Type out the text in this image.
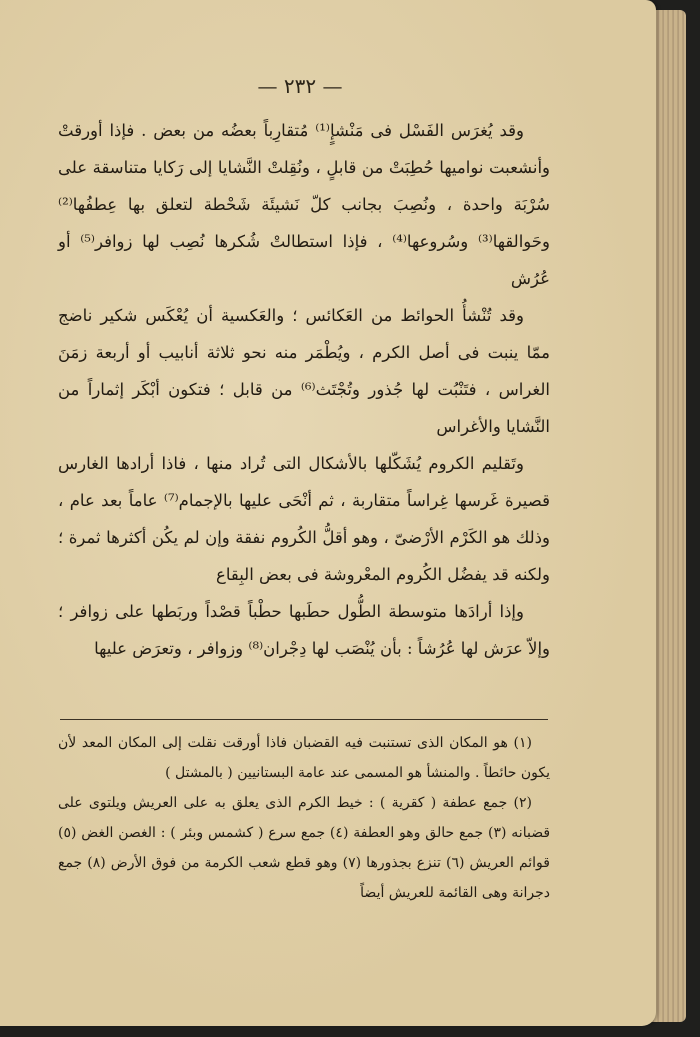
— ٢٣٢ —

وقد يُغرَس الفَسْل فى مَنْشإٍ⁽¹⁾ مُتقارِباً بعضُه من بعض . فإذا أورقتْ وأنشعبت نواميها حُطِبَتْ من قابلٍ ، ونُقِلتْ النَّشايا إلى رَكايا متناسقة على سُرْبَة واحدة ، ونُصِبَ بجانب كلّ نَشيئَة شَحْطة لتعلق بها عِطفُها⁽²⁾ وحَوالقها⁽³⁾ وسُروعها⁽⁴⁾ ، فإذا استطالتْ شُكرها نُصِب لها زوافر⁽⁵⁾ أو عُرُش

وقد تُنْشأُ الحوائط من العَكائس ؛ والعَكسية أن يُعْكَس شكير ناضج ممّا ينبت فى أصل الكرم ، ويُطْمَر منه نحو ثلاثة أنابيب أو أربعة زمَنَ الغراس ، فتَنْبُت لها جُذور وتُجْتَث⁽⁶⁾ من قابل ؛ فتكون أبْكَر إثماراً من النَّشايا والأغراس

وتَقليم الكروم يُشَكّلها بالأشكال التى تُراد منها ، فاذا أرادها الغارس قصيرة غَرسها غِراساً متقاربة ، ثم أنْحَى عليها بالإجمام⁽⁷⁾ عاماً بعد عام ، وذلك هو الكَرْم الأرْضىّ ، وهو أقلُّ الكُروم نفقة وإن لم يكُن أكثرها ثمرة ؛ ولكنه قد يفضُل الكُروم المعْروشة فى بعض البِقاع

وإذا أرادَها متوسطة الطُّول حطَبها حطْباً قصْداً وربَطها على زوافر ؛ وإلاّ عرَش لها عُرُشاً : بأن يُنْصَب لها دِجْران⁽⁸⁾ وزوافر ، وتعرَض عليها

(١) هو المكان الذى تستنبت فيه القضبان فاذا أورقت نقلت إلى المكان المعد لأن يكون حائطاً . والمنشأ هو المسمى عند عامة البستانيين ( بالمشتل )

(٢) جمع عطفة ( كقرية ) : خيط الكرم الذى يعلق به على العريش ويلتوى على قضبانه (٣) جمع حالق وهو العطفة (٤) جمع سرع ( كشمس وبئر ) : الغصن الغض (٥) قوائم العريش (٦) تنزع بجذورها (٧) وهو قطع شعب الكرمة من فوق الأرض (٨) جمع دجرانة وهى القائمة للعريش أيضاً
